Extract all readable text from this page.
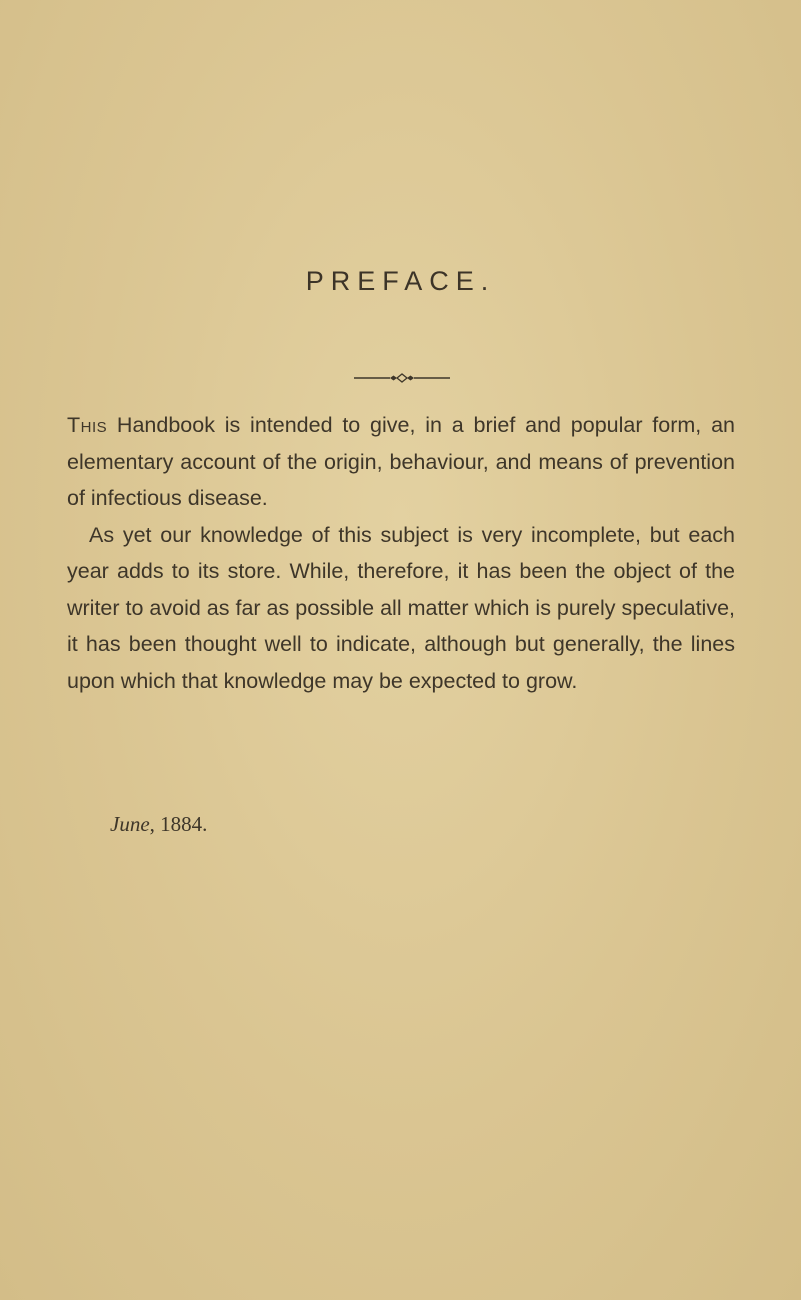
PREFACE.

This Handbook is intended to give, in a brief and popular form, an elementary account of the origin, behaviour, and means of prevention of infectious disease.

As yet our knowledge of this subject is very incomplete, but each year adds to its store. While, therefore, it has been the object of the writer to avoid as far as possible all matter which is purely speculative, it has been thought well to indicate, although but generally, the lines upon which that knowledge may be expected to grow.

June, 1884.
